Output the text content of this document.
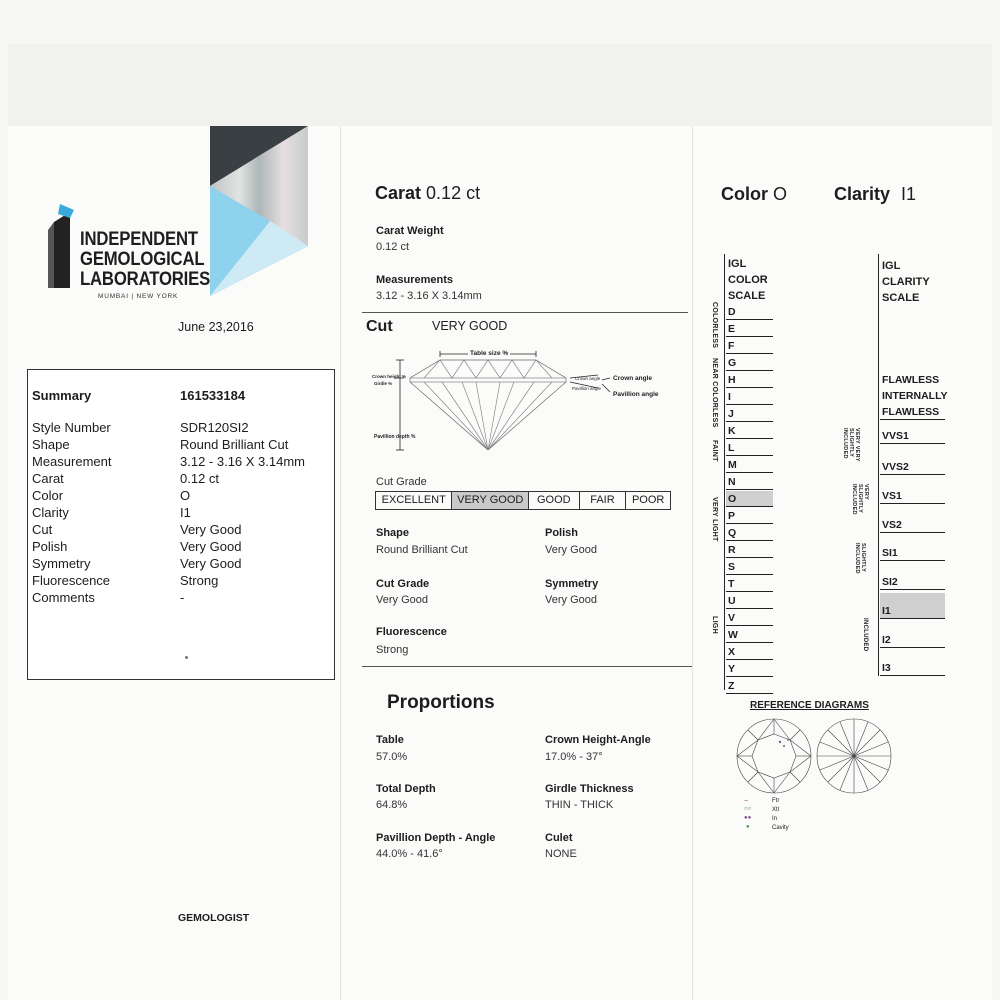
INDEPENDENT
GEMOLOGICAL
LABORATORIES
MUMBAI | NEW YORK
June 23,2016
Summary	161533184
Style Number	SDR120SI2
Shape	Round Brilliant Cut
Measurement	3.12 - 3.16 X 3.14mm
Carat	0.12 ct
Color	O
Clarity	I1
Cut	Very Good
Polish	Very Good
Symmetry	Very Good
Fluorescence	Strong
Comments	-
GEMOLOGIST
Carat 0.12 ct
Carat Weight
0.12 ct
Measurements
3.12 - 3.16 X 3.14mm
Cut	VERY GOOD
Table size %
Crown height %
Girdle %
Pavillion depth %
Crown angle
Pavillion angle
Crown angle
Pavillion angle
Cut Grade
EXCELLENT	VERY GOOD	GOOD	FAIR	POOR
Shape
Round Brilliant Cut
Polish
Very Good
Cut Grade
Very Good
Symmetry
Very Good
Fluorescence
Strong
Proportions
Table
57.0%
Crown Height-Angle
17.0% - 37°
Total Depth
64.8%
Girdle Thickness
THIN - THICK
Pavillion Depth - Angle
44.0% - 41.6°
Culet
NONE
Color O	Clarity I1
IGL
COLOR
SCALE
D
E
F
G
H
I
J
K
L
M
N
O
P
Q
R
S
T
U
V
W
X
Y
Z
COLORLESS
NEAR COLORLESS
FAINT
VERY LIGHT
LIGH
IGL
CLARITY
SCALE
FLAWLESS
INTERNALLY
FLAWLESS
VVS1
VVS2
VS1
VS2
SI1
SI2
I1
I2
I3
VERY VERY SLIGHTLY INCLUDED
VERY SLIGHTLY INCLUDED
SLIGHTLY INCLUDED
INCLUDED
REFERENCE DIAGRAMS
~	Ftr
○○	Xtl
●●	In
●	Cavity
